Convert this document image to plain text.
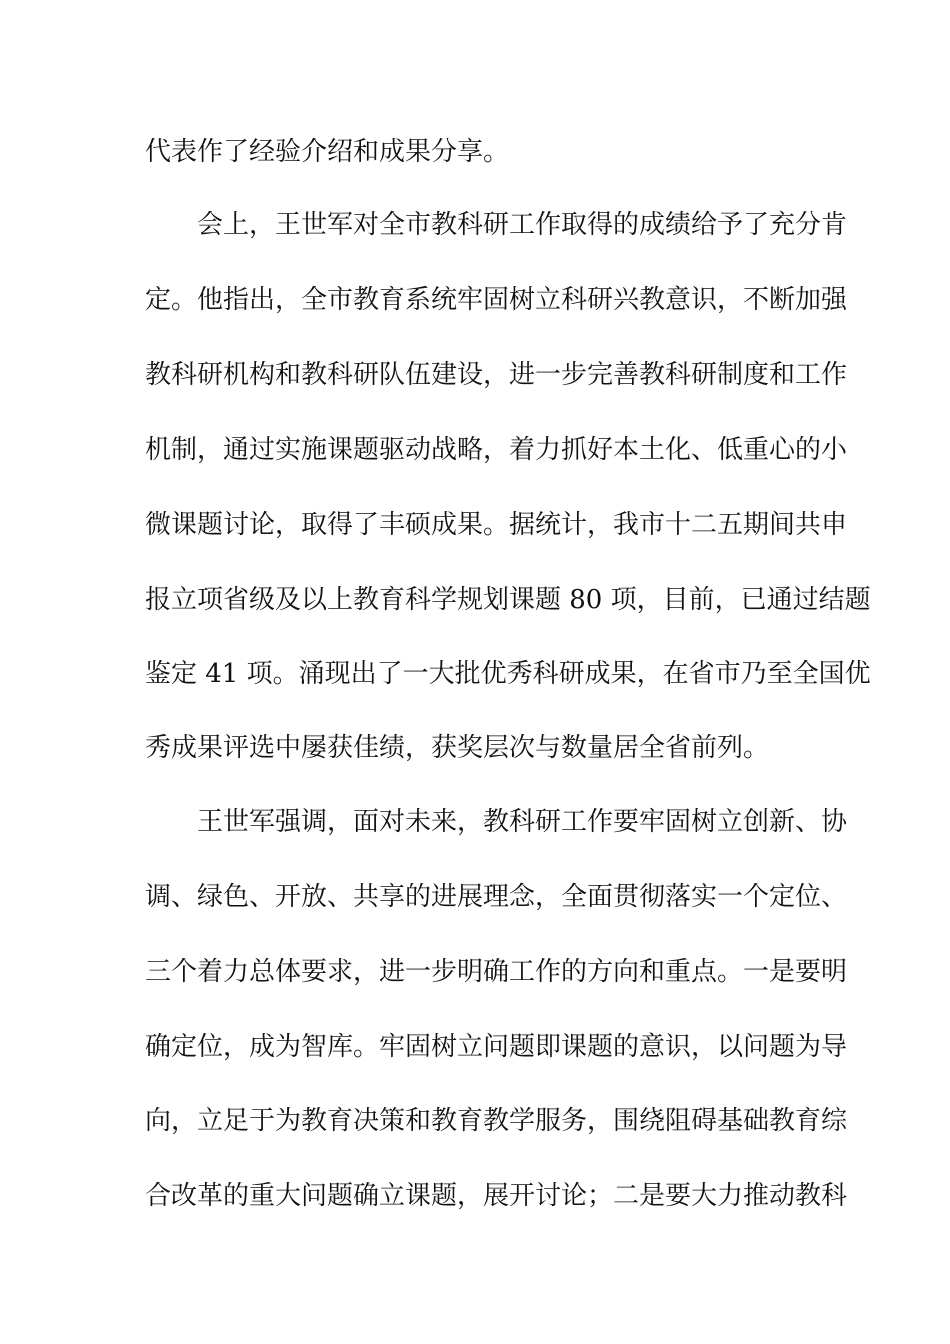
代表作了经验介绍和成果分享。
会上，王世军对全市教科研工作取得的成绩给予了充分肯
定。他指出，全市教育系统牢固树立科研兴教意识，不断加强
教科研机构和教科研队伍建设，进一步完善教科研制度和工作
机制，通过实施课题驱动战略，着力抓好本土化、低重心的小
微课题讨论，取得了丰硕成果。据统计，我市十二五期间共申
报立项省级及以上教育科学规划课题 80 项，目前，已通过结题
鉴定 41 项。涌现出了一大批优秀科研成果，在省市乃至全国优
秀成果评选中屡获佳绩，获奖层次与数量居全省前列。
王世军强调，面对未来，教科研工作要牢固树立创新、协
调、绿色、开放、共享的进展理念，全面贯彻落实一个定位、
三个着力总体要求，进一步明确工作的方向和重点。一是要明
确定位，成为智库。牢固树立问题即课题的意识，以问题为导
向，立足于为教育决策和教育教学服务，围绕阻碍基础教育综
合改革的重大问题确立课题，展开讨论；二是要大力推动教科
